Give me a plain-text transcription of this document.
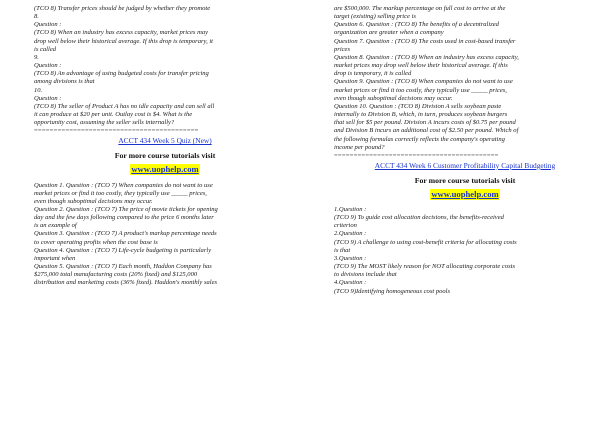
(TCO 8) Transfer prices should be judged by whether they promote
8.
Question :
(TCO 8) When an industry has excess capacity, market prices may
drop well below their historical average. If this drop is temporary, it
is called
9.
Question :
(TCO 8) An advantage of using budgeted costs for transfer pricing
among divisions is that
10.
Question :
(TCO 8) The seller of Product A has no idle capacity and can sell all
it can produce at $20 per unit. Outlay cost is $4. What is the
opportunity cost, assuming the seller sells internally?
==========================================
ACCT 434 Week 5 Quiz (New)
For more course tutorials visit
www.uophelp.com
Question 1. Question : (TCO 7) When companies do not want to use
market prices or find it too costly, they typically use _____ prices,
even though suboptimal decisions may occur.
Question 2. Question : (TCO 7) The price of movie tickets for opening
day and the few days following compared to the price 6 months later
is an example of
Question 3. Question : (TCO 7) A product's markup percentage needs
to cover operating profits when the cost base is
Question 4. Question : (TCO 7) Life-cycle budgeting is particularly
important when
Question 5. Question : (TCO 7) Each month, Haddon Company has
$275,000 total manufacturing costs (20% fixed) and $125,000
distribution and marketing costs (36% fixed). Haddon's monthly sales
are $500,000. The markup percentage on full cost to arrive at the
target (existing) selling price is
Question 6. Question : (TCO 8) The benefits of a decentralized
organization are greater when a company
Question 7. Question : (TCO 8) The costs used in cost-based transfer
prices
Question 8. Question : (TCO 8) When an industry has excess capacity,
market prices may drop well below their historical average. If this
drop is temporary, it is called
Question 9. Question : (TCO 8) When companies do not want to use
market prices or find it too costly, they typically use _____ prices,
even though suboptimal decisions may occur.
Question 10. Question : (TCO 8) Division A sells soybean paste
internally to Division B, which, in turn, produces soybean burgers
that sell for $5 per pound. Division A incurs costs of $0.75 per pound
and Division B incurs an additional cost of $2.50 per pound. Which of
the following formulas correctly reflects the company's operating
income per pound?
==========================================
ACCT 434 Week 6 Customer Profitability Capital Budgeting
For more course tutorials visit
www.uophelp.com
1.Question :
(TCO 9) To guide cost allocation decisions, the benefits-received
criterion
2.Question :
(TCO 9) A challenge to using cost-benefit criteria for allocating costs
is that
3.Question :
(TCO 9) The MOST likely reason for NOT allocating corporate costs
to divisions include that
4.Question :
(TCO 9)Identifying homogeneous cost pools
